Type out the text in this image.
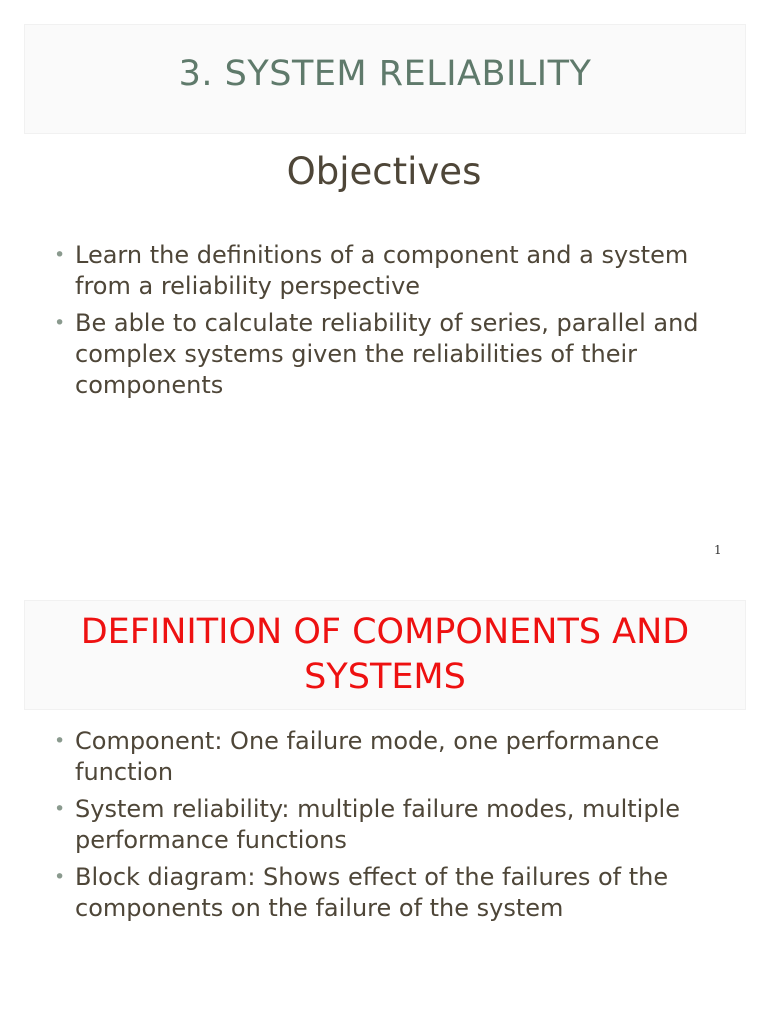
3. SYSTEM RELIABILITY
Objectives
• Learn the definitions of a component and a system from a reliability perspective
• Be able to calculate reliability of series, parallel and complex systems given the reliabilities of their components
1
DEFINITION OF COMPONENTS AND SYSTEMS
• Component: One failure mode, one performance function
• System reliability: multiple failure modes, multiple performance functions
• Block diagram: Shows effect of the failures of the components on the failure of the system
